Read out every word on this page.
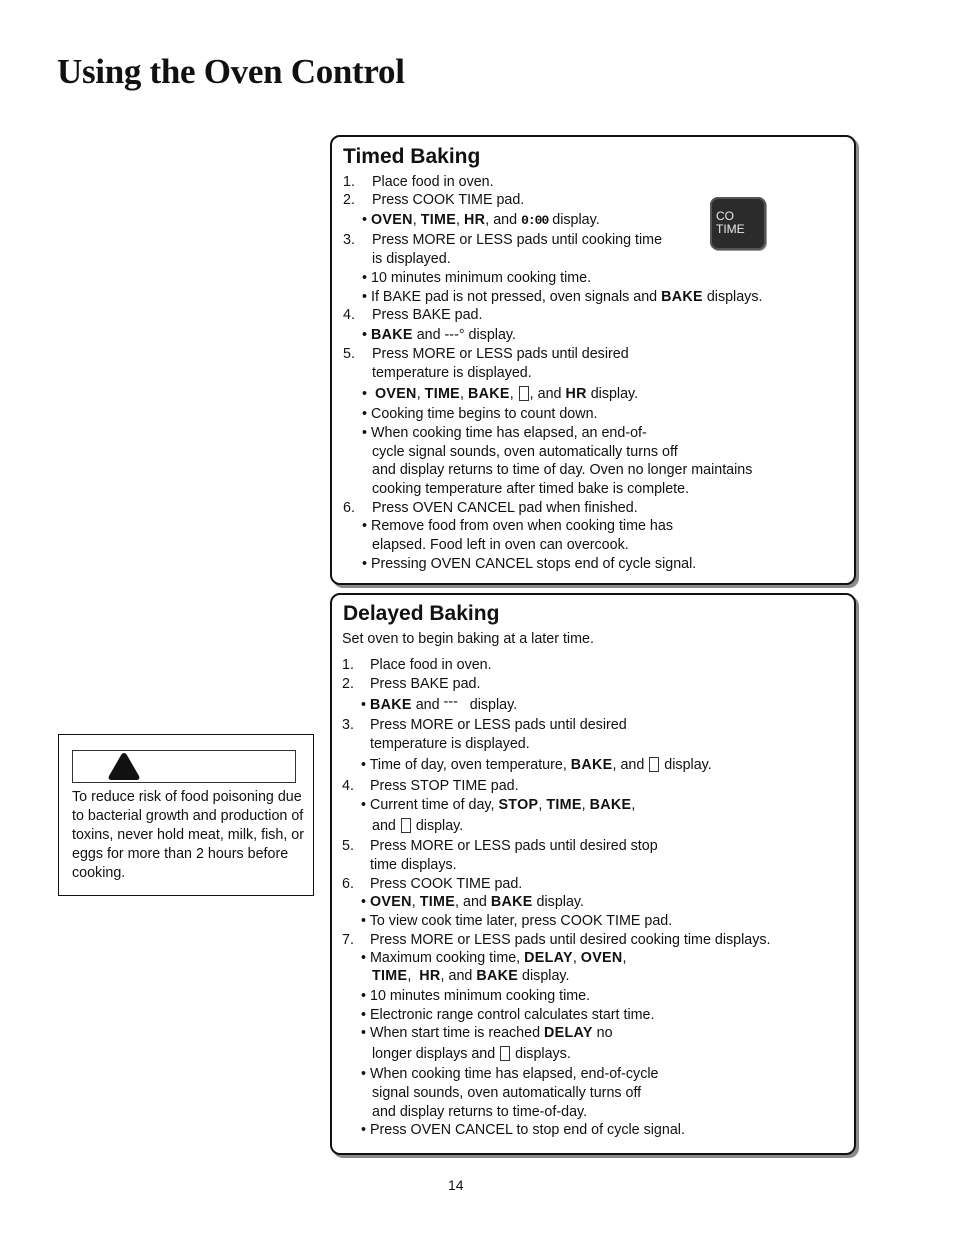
Using the Oven Control
To reduce risk of food poisoning due to bacterial growth and production of toxins, never hold meat, milk, fish, or eggs for more than 2 hours before cooking.
Timed Baking
CO
TIME
1. Place food in oven.
2. Press COOK TIME pad.
• OVEN, TIME, HR, and 0:00 display.
3. Press MORE or LESS pads until cooking time
is displayed.
• 10 minutes minimum cooking time.
• If BAKE pad is not pressed, oven signals and BAKE displays.
4. Press BAKE pad.
• BAKE and ---° display.
5. Press MORE or LESS pads until desired
temperature is displayed.
• OVEN, TIME, BAKE, , and HR display.
• Cooking time begins to count down.
• When cooking time has elapsed, an end-of-
cycle signal sounds, oven automatically turns off
and display returns to time of day. Oven no longer maintains
cooking temperature after timed bake is complete.
6. Press OVEN CANCEL pad when finished.
• Remove food from oven when cooking time has
elapsed. Food left in oven can overcook.
• Pressing OVEN CANCEL stops end of cycle signal.
Delayed Baking
Set oven to begin baking at a later time.
1. Place food in oven.
2. Press BAKE pad.
• BAKE and --- display.
3. Press MORE or LESS pads until desired
temperature is displayed.
• Time of day, oven temperature, BAKE, and display.
4. Press STOP TIME pad.
• Current time of day, STOP, TIME, BAKE,
and display.
5. Press MORE or LESS pads until desired stop
time displays.
6. Press COOK TIME pad.
• OVEN, TIME, and BAKE display.
• To view cook time later, press COOK TIME pad.
7. Press MORE or LESS pads until desired cooking time displays.
• Maximum cooking time, DELAY, OVEN,
TIME, HR, and BAKE display.
• 10 minutes minimum cooking time.
• Electronic range control calculates start time.
• When start time is reached DELAY no
longer displays and displays.
• When cooking time has elapsed, end-of-cycle
signal sounds, oven automatically turns off
and display returns to time-of-day.
• Press OVEN CANCEL to stop end of cycle signal.
14
